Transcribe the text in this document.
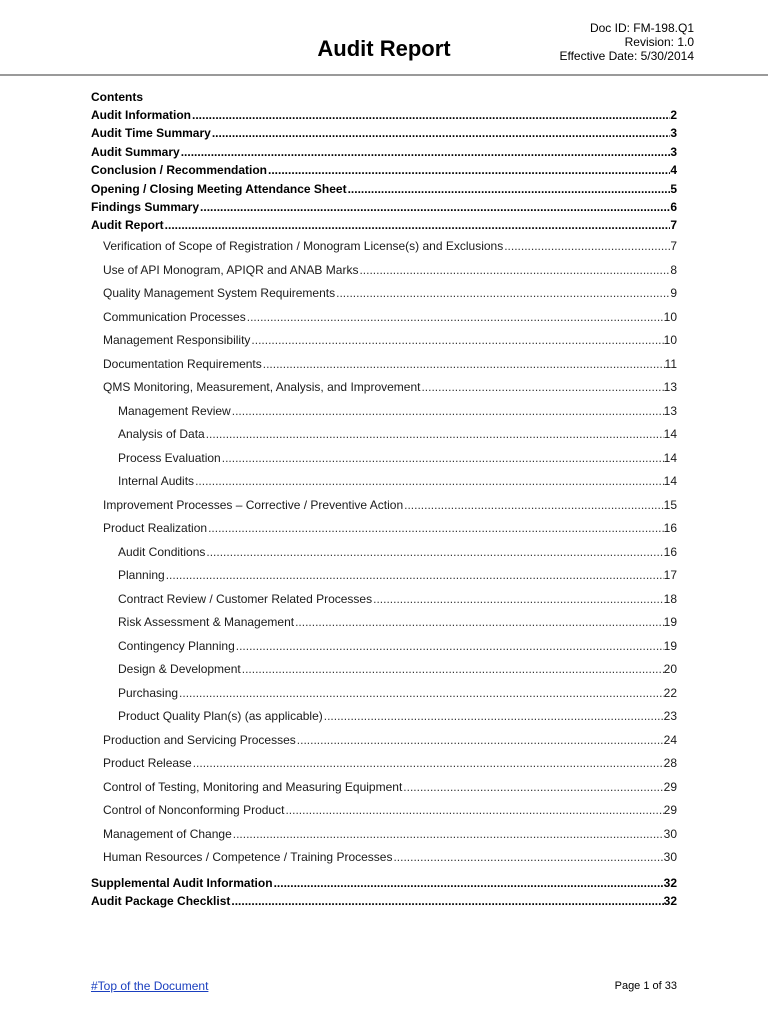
Audit Report
Doc ID: FM-198.Q1
Revision: 1.0
Effective Date: 5/30/2014
Contents
Audit Information .....	2
Audit Time Summary .....	3
Audit Summary .....	3
Conclusion / Recommendation .....	4
Opening / Closing Meeting Attendance Sheet .....	5
Findings Summary .....	6
Audit Report .....	7
Verification of Scope of Registration / Monogram License(s) and Exclusions .....	7
Use of API Monogram, APIQR and ANAB Marks .....	8
Quality Management System Requirements .....	9
Communication Processes .....	10
Management Responsibility .....	10
Documentation Requirements .....	11
QMS Monitoring, Measurement, Analysis, and Improvement .....	13
Management Review .....	13
Analysis of Data .....	14
Process Evaluation .....	14
Internal Audits .....	14
Improvement Processes – Corrective / Preventive Action .....	15
Product Realization .....	16
Audit Conditions .....	16
Planning .....	17
Contract Review / Customer Related Processes .....	18
Risk Assessment & Management .....	19
Contingency Planning .....	19
Design & Development .....	20
Purchasing .....	22
Product Quality Plan(s) (as applicable) .....	23
Production and Servicing Processes .....	24
Product Release .....	28
Control of Testing, Monitoring and Measuring Equipment .....	29
Control of Nonconforming Product .....	29
Management of Change .....	30
Human Resources / Competence / Training Processes .....	30
Supplemental Audit Information .....	32
Audit Package Checklist .....	32
#Top of the Document	Page 1 of 33
